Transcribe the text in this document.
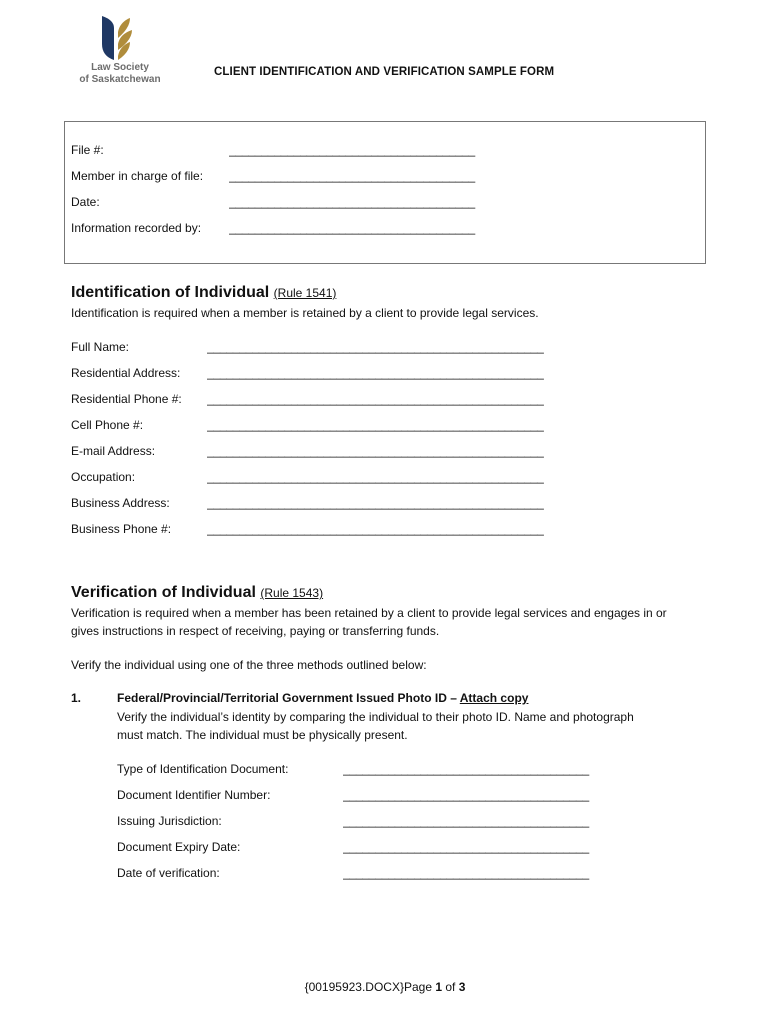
Law Society
of Saskatchewan
CLIENT IDENTIFICATION AND VERIFICATION SAMPLE FORM
File #:	______________________________________
Member in charge of file: ______________________________________
Date:	______________________________________
Information recorded by: ______________________________________
Identification of Individual (Rule 1541)
Identification is required when a member is retained by a client to provide legal services.
Full Name:	____________________________________________________
Residential Address: ____________________________________________________
Residential Phone #: ____________________________________________________
Cell Phone #:	____________________________________________________
E-mail Address:	____________________________________________________
Occupation:	____________________________________________________
Business Address:	____________________________________________________
Business Phone #:	____________________________________________________
Verification of Individual (Rule 1543)
Verification is required when a member has been retained by a client to provide legal services and engages in or
gives instructions in respect of receiving, paying or transferring funds.
Verify the individual using one of the three methods outlined below:
1.	Federal/Provincial/Territorial Government Issued Photo ID – Attach copy
Verify the individual’s identity by comparing the individual to their photo ID. Name and photograph
must match. The individual must be physically present.
Type of Identification Document:	______________________________________
Document Identifier Number:	______________________________________
Issuing Jurisdiction:	______________________________________
Document Expiry Date:	______________________________________
Date of verification:	______________________________________
{00195923.DOCX}Page 1 of 3
